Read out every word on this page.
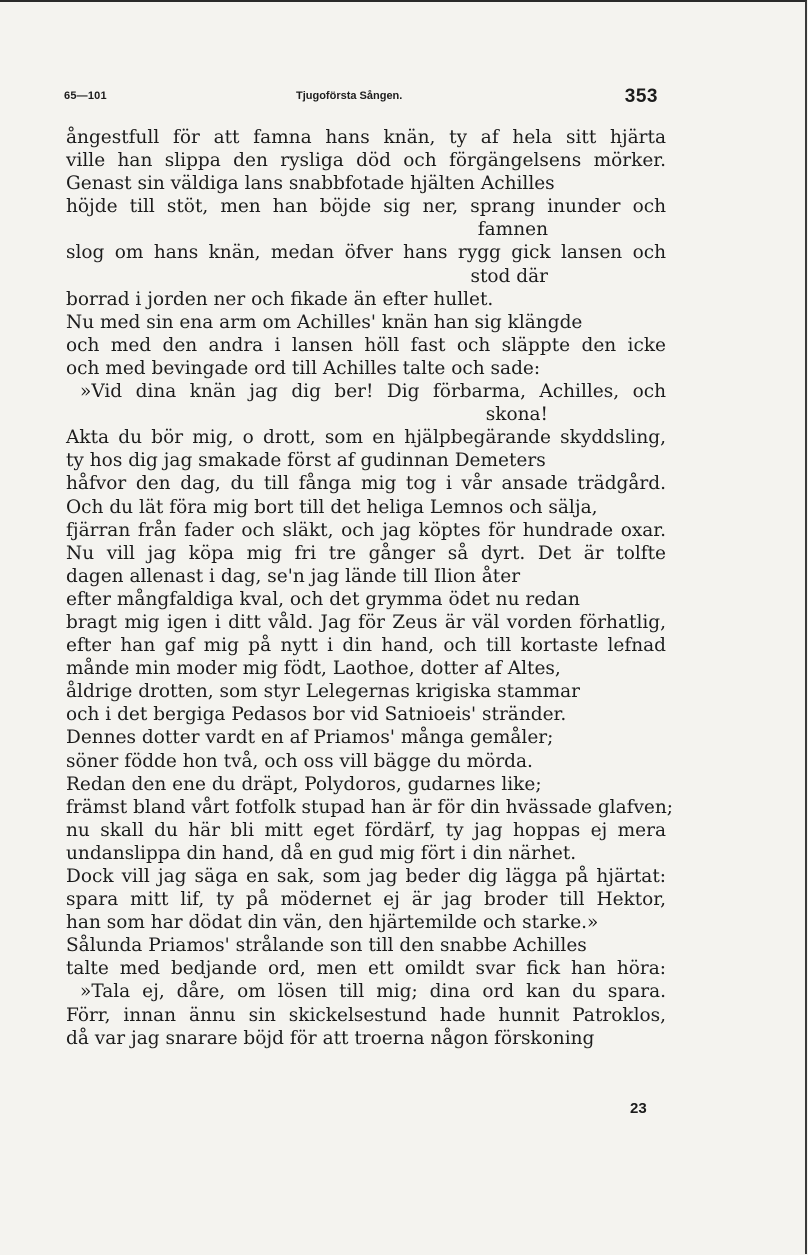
65—101	Tjugoförsta Sången.	353
ångestfull för att famna hans knän, ty af hela sitt hjärta
ville han slippa den rysliga död och förgängelsens mörker.
Genast sin väldiga lans snabbfotade hjälten Achilles
höjde till stöt, men han böjde sig ner, sprang inunder och
famnen
slog om hans knän, medan öfver hans rygg gick lansen och
stod där
borrad i jorden ner och fikade än efter hullet.
Nu med sin ena arm om Achilles' knän han sig klängde
och med den andra i lansen höll fast och släppte den icke
och med bevingade ord till Achilles talte och sade:
»Vid dina knän jag dig ber! Dig förbarma, Achilles, och
skona!
Akta du bör mig, o drott, som en hjälpbegärande skyddsling,
ty hos dig jag smakade först af gudinnan Demeters
håfvor den dag, du till fånga mig tog i vår ansade trädgård.
Och du lät föra mig bort till det heliga Lemnos och sälja,
fjärran från fader och släkt, och jag köptes för hundrade oxar.
Nu vill jag köpa mig fri tre gånger så dyrt. Det är tolfte
dagen allenast i dag, se'n jag lände till Ilion åter
efter mångfaldiga kval, och det grymma ödet nu redan
bragt mig igen i ditt våld. Jag för Zeus är väl vorden förhatlig,
efter han gaf mig på nytt i din hand, och till kortaste lefnad
månde min moder mig födt, Laothoe, dotter af Altes,
åldrige drotten, som styr Lelegernas krigiska stammar
och i det bergiga Pedasos bor vid Satnioeis' stränder.
Dennes dotter vardt en af Priamos' många gemåler;
söner födde hon två, och oss vill bägge du mörda.
Redan den ene du dräpt, Polydoros, gudarnes like;
främst bland vårt fotfolk stupad han är för din hvässade glafven;
nu skall du här bli mitt eget fördärf, ty jag hoppas ej mera
undanslippa din hand, då en gud mig fört i din närhet.
Dock vill jag säga en sak, som jag beder dig lägga på hjärtat:
spara mitt lif, ty på mödernet ej är jag broder till Hektor,
han som har dödat din vän, den hjärtemilde och starke.»
Sålunda Priamos' strålande son till den snabbe Achilles
talte med bedjande ord, men ett omildt svar fick han höra:
»Tala ej, dåre, om lösen till mig; dina ord kan du spara.
Förr, innan ännu sin skickelsestund hade hunnit Patroklos,
då var jag snarare böjd för att troerna någon förskoning
23
